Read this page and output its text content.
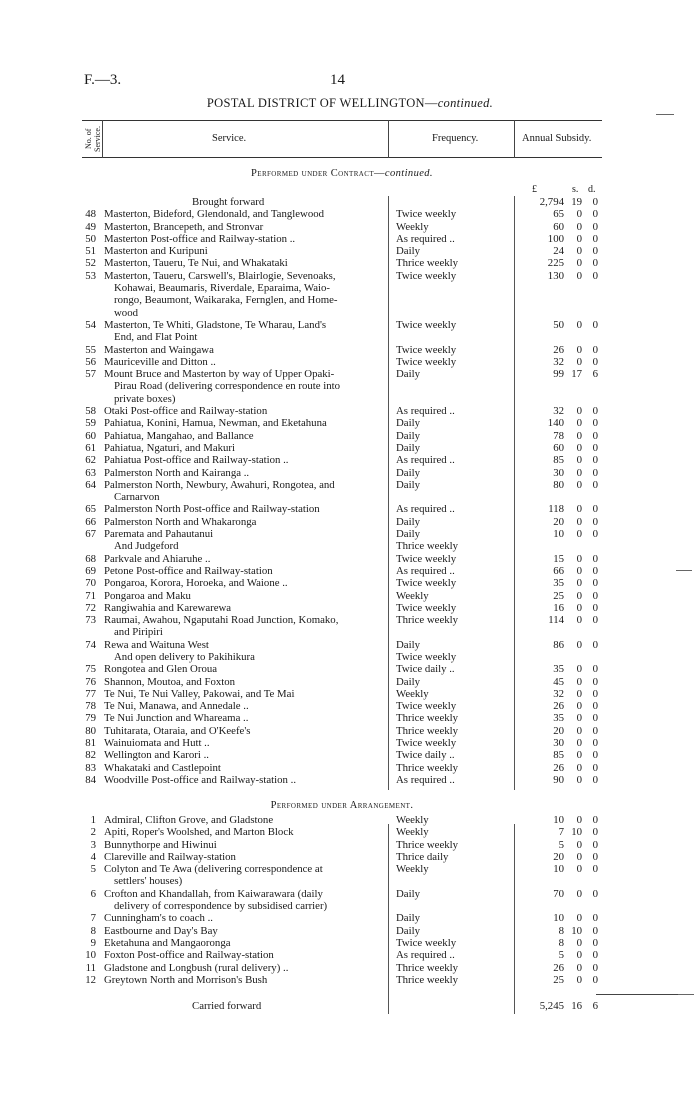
F.—3.	14
POSTAL DISTRICT OF WELLINGTON—continued.
No. of Service.	Service.	Frequency.	Annual Subsidy.
Performed under Contract—continued.
£	s. d.
Brought forward	2,794 19 0
48 Masterton, Bideford, Glendonald, and Tanglewood	Twice weekly	65	0 0
49 Masterton, Brancepeth, and Stronvar	Weekly	60	0 0
50 Masterton Post-office and Railway-station ..	As required ..	100	0 0
51 Masterton and Kuripuni	Daily	24	0 0
52 Masterton, Taueru, Te Nui, and Whakataki	Thrice weekly	225	0 0
53 Masterton, Taueru, Carswell's, Blairlogie, Sevenoaks,	Twice weekly	130	0 0
Kohawai, Beaumaris, Riverdale, Eparaima, Waio-
rongo, Beaumont, Waikaraka, Fernglen, and Home-
wood
54 Masterton, Te Whiti, Gladstone, Te Wharau, Land's	Twice weekly	50	0 0
End, and Flat Point
55 Masterton and Waingawa	Twice weekly	26	0 0
56 Mauriceville and Ditton ..	Twice weekly	32	0 0
57 Mount Bruce and Masterton by way of Upper Opaki-	Daily	99 17 6
Pirau Road (delivering correspondence en route into
private boxes)
58 Otaki Post-office and Railway-station	As required ..	32	0 0
59 Pahiatua, Konini, Hamua, Newman, and Eketahuna	Daily	140	0 0
60 Pahiatua, Mangahao, and Ballance	Daily	78	0 0
61 Pahiatua, Ngaturi, and Makuri	Daily	60	0 0
62 Pahiatua Post-office and Railway-station ..	As required ..	85	0 0
63 Palmerston North and Kairanga ..	Daily	30	0 0
64 Palmerston North, Newbury, Awahuri, Rongotea, and	Daily	80	0 0
Carnarvon
65 Palmerston North Post-office and Railway-station	As required ..	118	0 0
66 Palmerston North and Whakaronga	Daily	20	0 0
67 Paremata and Pahautanui	Daily	10	0 0
And Judgeford	Thrice weekly
68 Parkvale and Ahiaruhe ..	Twice weekly	15	0 0
69 Petone Post-office and Railway-station	As required ..	66	0 0
70 Pongaroa, Korora, Horoeka, and Waione ..	Twice weekly	35	0 0
71 Pongaroa and Maku	Weekly	25	0 0
72 Rangiwahia and Karewarewa	Twice weekly	16	0 0
73 Raumai, Awahou, Ngaputahi Road Junction, Komako,	Thrice weekly	114	0 0
and Piripiri
74 Rewa and Waituna West	Daily	86	0 0
And open delivery to Pakihikura	Twice weekly
75 Rongotea and Glen Oroua	Twice daily ..	35	0 0
76 Shannon, Moutoa, and Foxton	Daily	45	0 0
77 Te Nui, Te Nui Valley, Pakowai, and Te Mai	Weekly	32	0 0
78 Te Nui, Manawa, and Annedale ..	Twice weekly	26	0 0
79 Te Nui Junction and Whareama ..	Thrice weekly	35	0 0
80 Tuhitarata, Otaraia, and O'Keefe's	Thrice weekly	20	0 0
81 Wainuiomata and Hutt ..	Twice weekly	30	0 0
82 Wellington and Karori ..	Twice daily ..	85	0 0
83 Whakataki and Castlepoint	Thrice weekly	26	0 0
84 Woodville Post-office and Railway-station ..	As required ..	90	0 0
Performed under Arrangement.
1 Admiral, Clifton Grove, and Gladstone	Weekly	10	0 0
2 Apiti, Roper's Woolshed, and Marton Block	Weekly	7 10 0
3 Bunnythorpe and Hiwinui	Thrice weekly	5	0 0
4 Clareville and Railway-station	Thrice daily	20	0 0
5 Colyton and Te Awa (delivering correspondence at	Weekly	10	0 0
settlers' houses)
6 Crofton and Khandallah, from Kaiwarawara (daily	Daily	70	0 0
delivery of correspondence by subsidised carrier)
7 Cunningham's to coach ..	Daily	10	0 0
8 Eastbourne and Day's Bay	Daily	8 10 0
9 Eketahuna and Mangaoronga	Twice weekly	8	0 0
10 Foxton Post-office and Railway-station	As required ..	5	0 0
11 Gladstone and Longbush (rural delivery) ..	Thrice weekly	26	0 0
12 Greytown North and Morrison's Bush	Thrice weekly	25	0 0
Carried forward	5,245 16 6
